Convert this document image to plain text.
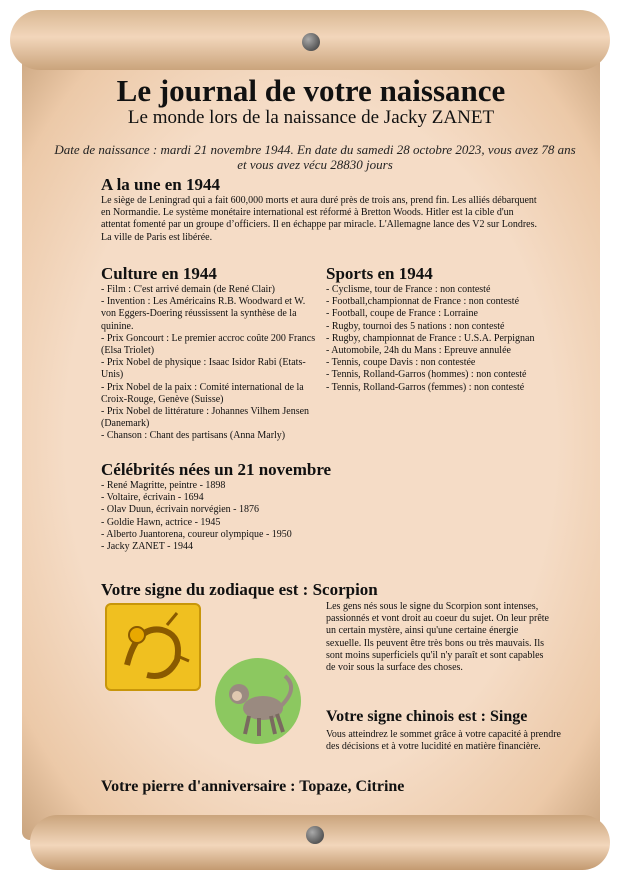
Le journal de votre naissance
Le monde lors de la naissance de Jacky ZANET
Date de naissance : mardi 21 novembre 1944. En date du samedi 28 octobre 2023, vous avez 78 ans et vous avez vécu 28830 jours
A la une en 1944
Le siège de Leningrad qui a fait 600,000 morts et aura duré près de trois ans, prend fin. Les alliés débarquent en Normandie. Le système monétaire international est réformé à Bretton Woods. Hitler est la cible d'un attentat fomenté par un groupe d’officiers. Il en échappe par miracle. L'Allemagne lance des V2 sur Londres. La ville de Paris est libérée.
Culture en 1944
- Film : C'est arrivé demain (de René Clair)
- Invention : Les Américains R.B. Woodward et W. von Eggers-Doering réussissent la synthèse de la quinine.
- Prix Goncourt : Le premier accroc coûte 200 Francs (Elsa Triolet)
- Prix Nobel de physique : Isaac Isidor Rabi (Etats-Unis)
- Prix Nobel de la paix : Comité international de la Croix-Rouge, Genève (Suisse)
- Prix Nobel de littérature : Johannes Vilhem Jensen (Danemark)
- Chanson : Chant des partisans (Anna Marly)
Sports en 1944
- Cyclisme, tour de France : non contesté
- Football,championnat de France : non contesté
- Football, coupe de France : Lorraine
- Rugby, tournoi des 5 nations : non contesté
- Rugby, championnat de France : U.S.A. Perpignan
- Automobile, 24h du Mans : Epreuve annulée
- Tennis, coupe Davis : non contestée
- Tennis, Rolland-Garros (hommes) : non contesté
- Tennis, Rolland-Garros (femmes) : non contesté
Célébrités nées un 21 novembre
- René Magritte, peintre - 1898
- Voltaire, écrivain - 1694
- Olav Duun, écrivain norvégien - 1876
- Goldie Hawn, actrice - 1945
- Alberto Juantorena, coureur olympique - 1950
- Jacky ZANET - 1944
Votre signe du zodiaque est : Scorpion
Les gens nés sous le signe du Scorpion sont intenses, passionnés et vont droit au coeur du sujet. On leur prête un certain mystère, ainsi qu'une certaine énergie sexuelle. Ils peuvent être très bons ou très mauvais. Ils sont moins superficiels qu'il n'y paraît et sont capables de voir sous la surface des choses.
Votre signe chinois est : Singe
Vous atteindrez le sommet grâce à votre capacité à prendre des décisions et à votre lucidité en matière financière.
Votre pierre d'anniversaire : Topaze, Citrine
